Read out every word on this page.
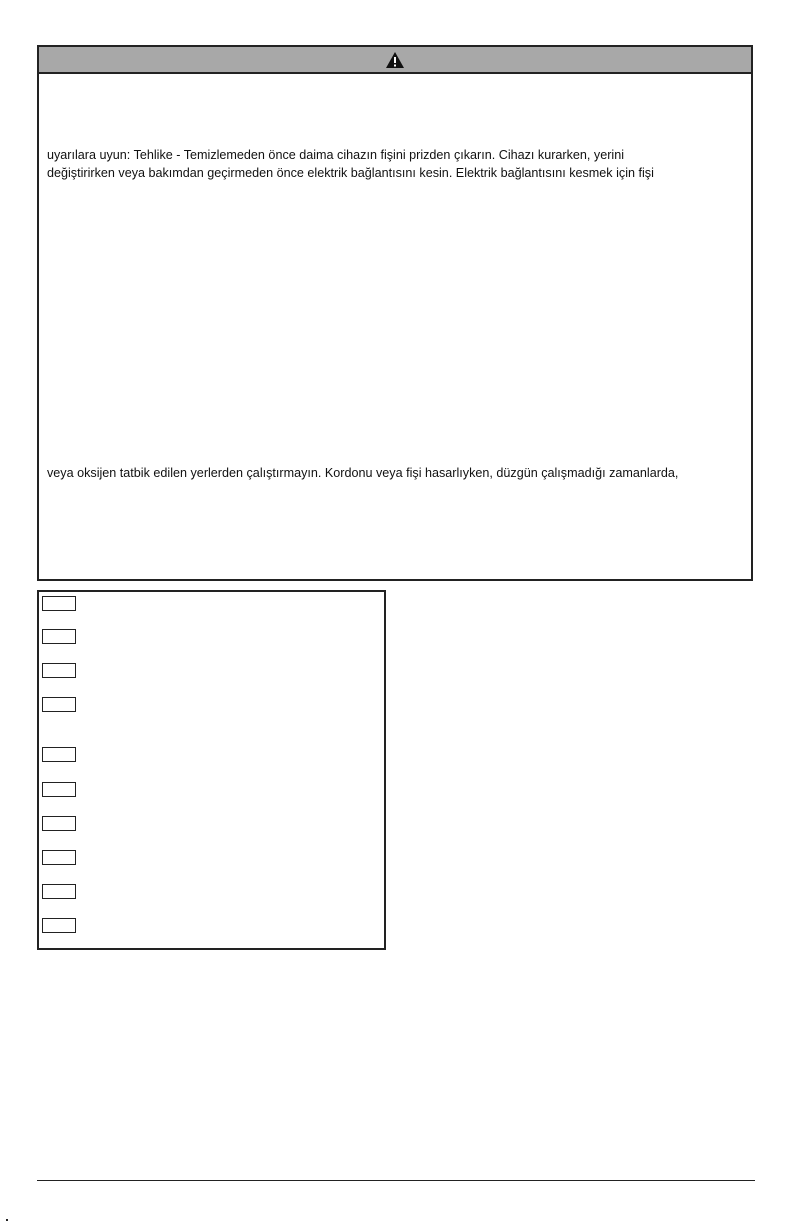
uyarılara uyun: Tehlike - Temizlemeden önce daima cihazın fişini prizden çıkarın. Cihazı kurarken, yerini
değiştirirken veya bakımdan geçirmeden önce elektrik bağlantısını kesin. Elektrik bağlantısını kesmek için fişi
veya oksijen tatbik edilen yerlerden çalıştırmayın. Kordonu veya fişi hasarlıyken, düzgün çalışmadığı zamanlarda,
